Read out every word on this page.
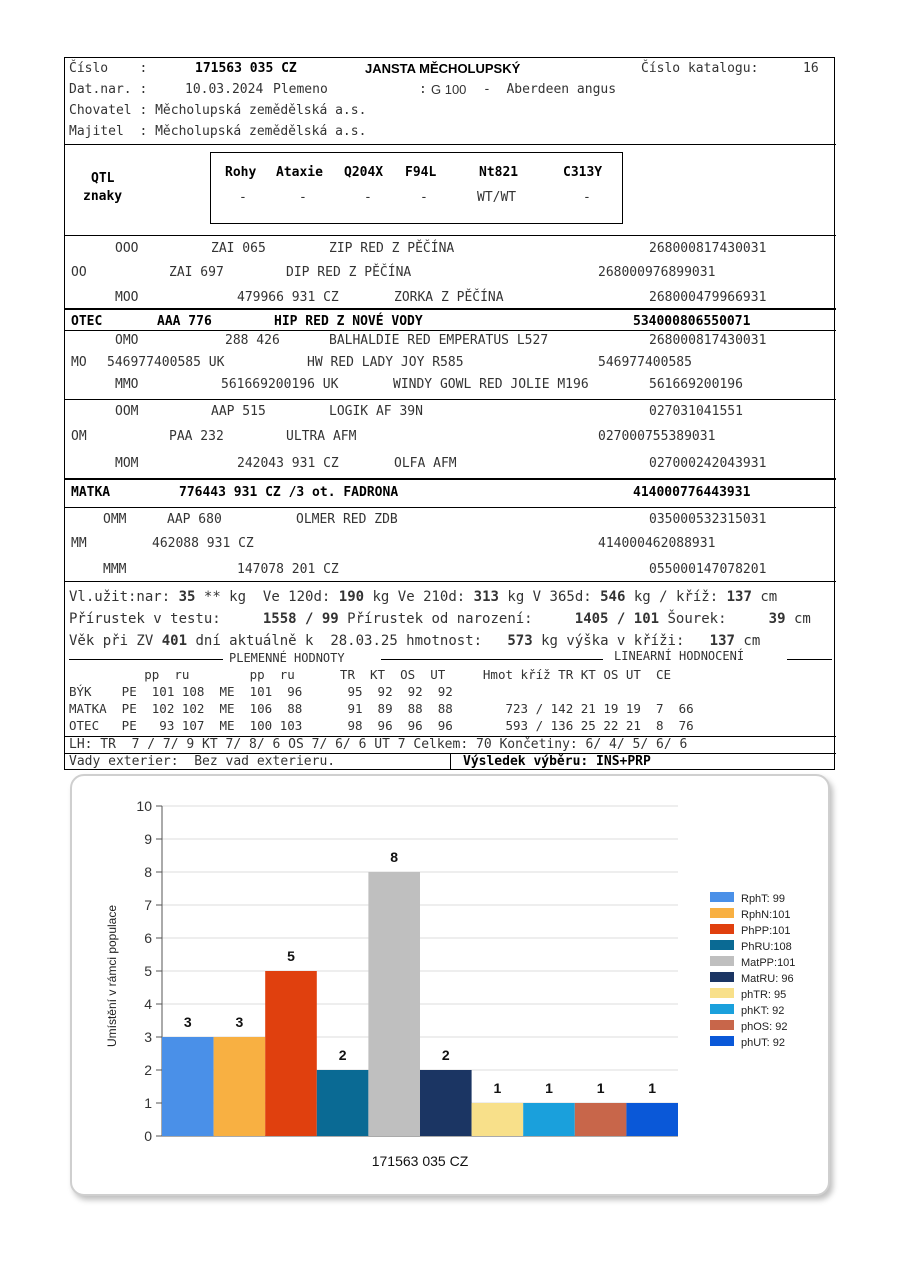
Číslo    :	171563 035 CZ	JANSTA MĚCHOLUPSKÝ	Číslo katalogu:	16
Dat.nar. :	10.03.2024 Plemeno	: G 100 -  Aberdeen angus
Chovatel : Měcholupská zemědělská a.s.
Majitel  : Měcholupská zemědělská a.s.
QTL
znaky
Rohy Ataxie Q204X F94L	Nt821	C313Y
-	-	-	-	WT/WT	-
OOO	ZAI 065	ZIP RED Z PĚČÍNA	268000817430031
OO	ZAI 697	DIP RED Z PĚČÍNA	268000976899031
MOO	479966 931 CZ	ZORKA Z PĚČÍNA	268000479966931
OTEC	AAA 776	HIP RED Z NOVÉ VODY	534000806550071
OMO	288 426	BALHALDIE RED EMPERATUS L527	268000817430031
MO 546977400585 UK	HW RED LADY JOY R585	546977400585
MMO	561669200196 UK	WINDY GOWL RED JOLIE M196	561669200196
OOM	AAP 515	LOGIK AF 39N	027031041551
OM	PAA 232	ULTRA AFM	027000755389031
MOM	242043 931 CZ	OLFA AFM	027000242043931
MATKA	776443 931 CZ /3 ot. FADRONA	414000776443931
OMM	AAP 680	OLMER RED ZDB	035000532315031
MM	462088 931 CZ	414000462088931
MMM	147078 201 CZ	055000147078201
Vl.užit:nar: 35 ** kg  Ve 120d: 190 kg Ve 210d: 313 kg V 365d: 546 kg / kříž: 137 cm
Přírustek v testu:	1558 / 99 Přírustek od narození:	1405 / 101 Šourek:	39 cm
Věk při ZV 401 dní aktuálně k  28.03.25 hmotnost: 573 kg výška v kříži: 137 cm
PLEMENNÉ HODNOTY	LINEARNÍ HODNOCENÍ
pp  ru        pp  ru      TR  KT  OS  UT     Hmot kříž TR KT OS UT  CE
BÝK    PE  101 108  ME  101  96      95  92  92  92
MATKA  PE  102 102  ME  106  88      91  89  88  88       723 / 142 21 19 19  7  66
OTEC   PE   93 107  ME  100 103      98  96  96  96       593 / 136 25 22 21  8  76
LH: TR  7 / 7/ 9 KT 7/ 8/ 6 OS 7/ 6/ 6 UT 7 Celkem: 70 Končetiny: 6/ 4/ 5/ 6/ 6
Vady exterier:  Bez vad exterieru.	Výsledek výběru: INS+PRP
0
1
2
3
4
5
6
7
8
9
10
3	3
5
2
8
2
1	1	1	1
171563 035 CZ
Umístění v rámci populace
RphT: 99
RphN:101
PhPP:101
PhRU:108
MatPP:101
MatRU: 96
phTR: 95
phKT: 92
phOS: 92
phUT: 92
